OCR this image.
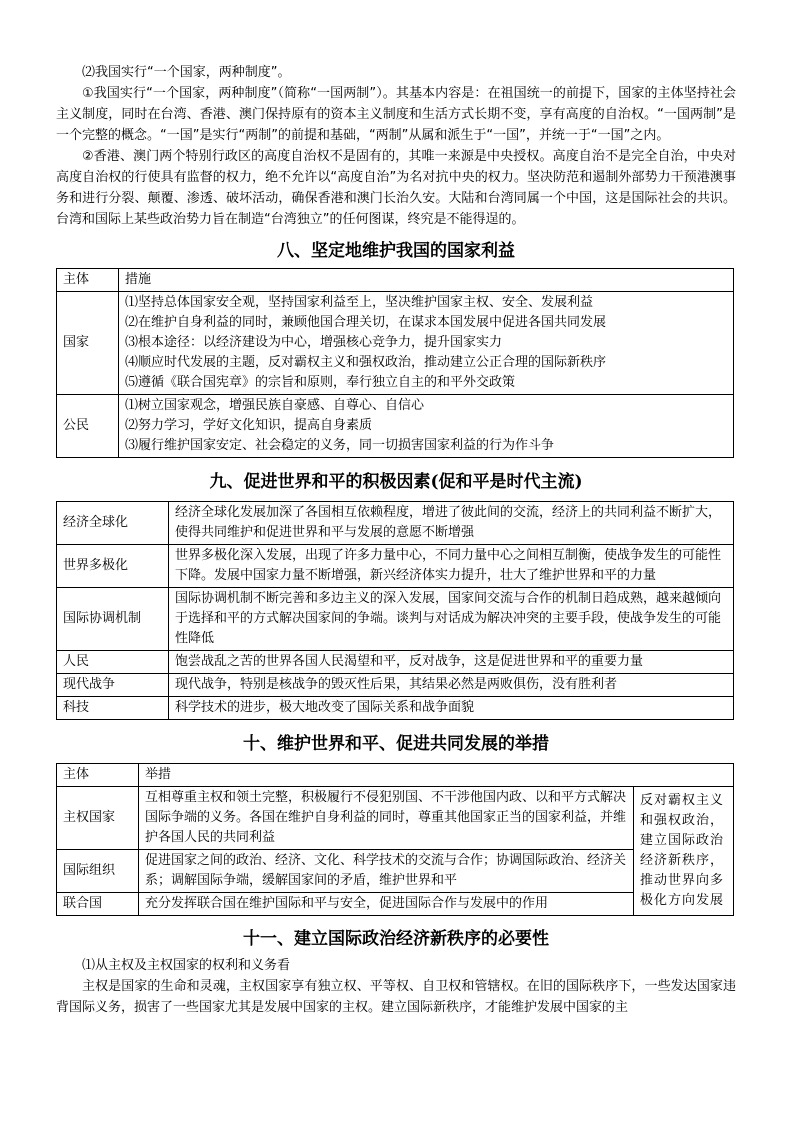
⑵我国实行“一个国家，两种制度”。

①我国实行“一个国家，两种制度”（简称“一国两制”）。其基本内容是：在祖国统一的前提下，国家的主体坚持社会主义制度，同时在台湾、香港、澳门保持原有的资本主义制度和生活方式长期不变，享有高度的自治权。“一国两制”是一个完整的概念。“一国”是实行“两制”的前提和基础，“两制”从属和派生于“一国”，并统一于“一国”之内。

②香港、澳门两个特别行政区的高度自治权不是固有的，其唯一来源是中央授权。高度自治不是完全自治，中央对高度自治权的行使具有监督的权力，绝不允许以“高度自治”为名对抗中央的权力。坚决防范和遏制外部势力干预港澳事务和进行分裂、颠覆、渗透、破坏活动，确保香港和澳门长治久安。大陆和台湾同属一个中国，这是国际社会的共识。台湾和国际上某些政治势力旨在制造“台湾独立”的任何图谋，终究是不能得逞的。

八、坚定地维护我国的国家利益

主体	措施
国家	⑴坚持总体国家安全观，坚持国家利益至上，坚决维护国家主权、安全、发展利益
⑵在维护自身利益的同时，兼顾他国合理关切，在谋求本国发展中促进各国共同发展
⑶根本途径：以经济建设为中心，增强核心竞争力，提升国家实力
⑷顺应时代发展的主题，反对霸权主义和强权政治，推动建立公正合理的国际新秩序
⑸遵循《联合国宪章》的宗旨和原则，奉行独立自主的和平外交政策

公民	⑴树立国家观念，增强民族自豪感、自尊心、自信心
⑵努力学习，学好文化知识，提高自身素质
⑶履行维护国家安定、社会稳定的义务，同一切损害国家利益的行为作斗争

九、促进世界和平的积极因素(促和平是时代主流)

经济全球化	经济全球化发展加深了各国相互依赖程度，增进了彼此间的交流，经济上的共同利益不断扩大，使得共同维护和促进世界和平与发展的意愿不断增强
世界多极化	世界多极化深入发展，出现了许多力量中心，不同力量中心之间相互制衡，使战争发生的可能性下降。发展中国家力量不断增强，新兴经济体实力提升，壮大了维护世界和平的力量
国际协调机制	国际协调机制不断完善和多边主义的深入发展，国家间交流与合作的机制日趋成熟，越来越倾向于选择和平的方式解决国家间的争端。谈判与对话成为解决冲突的主要手段，使战争发生的可能性降低
人民	饱尝战乱之苦的世界各国人民渴望和平，反对战争，这是促进世界和平的重要力量
现代战争	现代战争，特别是核战争的毁灭性后果，其结果必然是两败俱伤，没有胜利者
科技	科学技术的进步，极大地改变了国际关系和战争面貌

十、维护世界和平、促进共同发展的举措

主体	举措	
主权国家	互相尊重主权和领土完整，积极履行不侵犯别国、不干涉他国内政、以和平方式解决国际争端的义务。各国在维护自身利益的同时，尊重其他国家正当的国家利益，并维护各国人民的共同利益	反对霸权主义和强权政治，建立国际政治经济新秩序，推动世界向多极化方向发展
国际组织	促进国家之间的政治、经济、文化、科学技术的交流与合作；协调国际政治、经济关系；调解国际争端，缓解国家间的矛盾，维护世界和平	
联合国	充分发挥联合国在维护国际和平与安全，促进国际合作与发展中的作用	

十一、建立国际政治经济新秩序的必要性

⑴从主权及主权国家的权利和义务看

主权是国家的生命和灵魂，主权国家享有独立权、平等权、自卫权和管辖权。在旧的国际秩序下，一些发达国家违背国际义务，损害了一些国家尤其是发展中国家的主权。建立国际新秩序，才能维护发展中国家的主
